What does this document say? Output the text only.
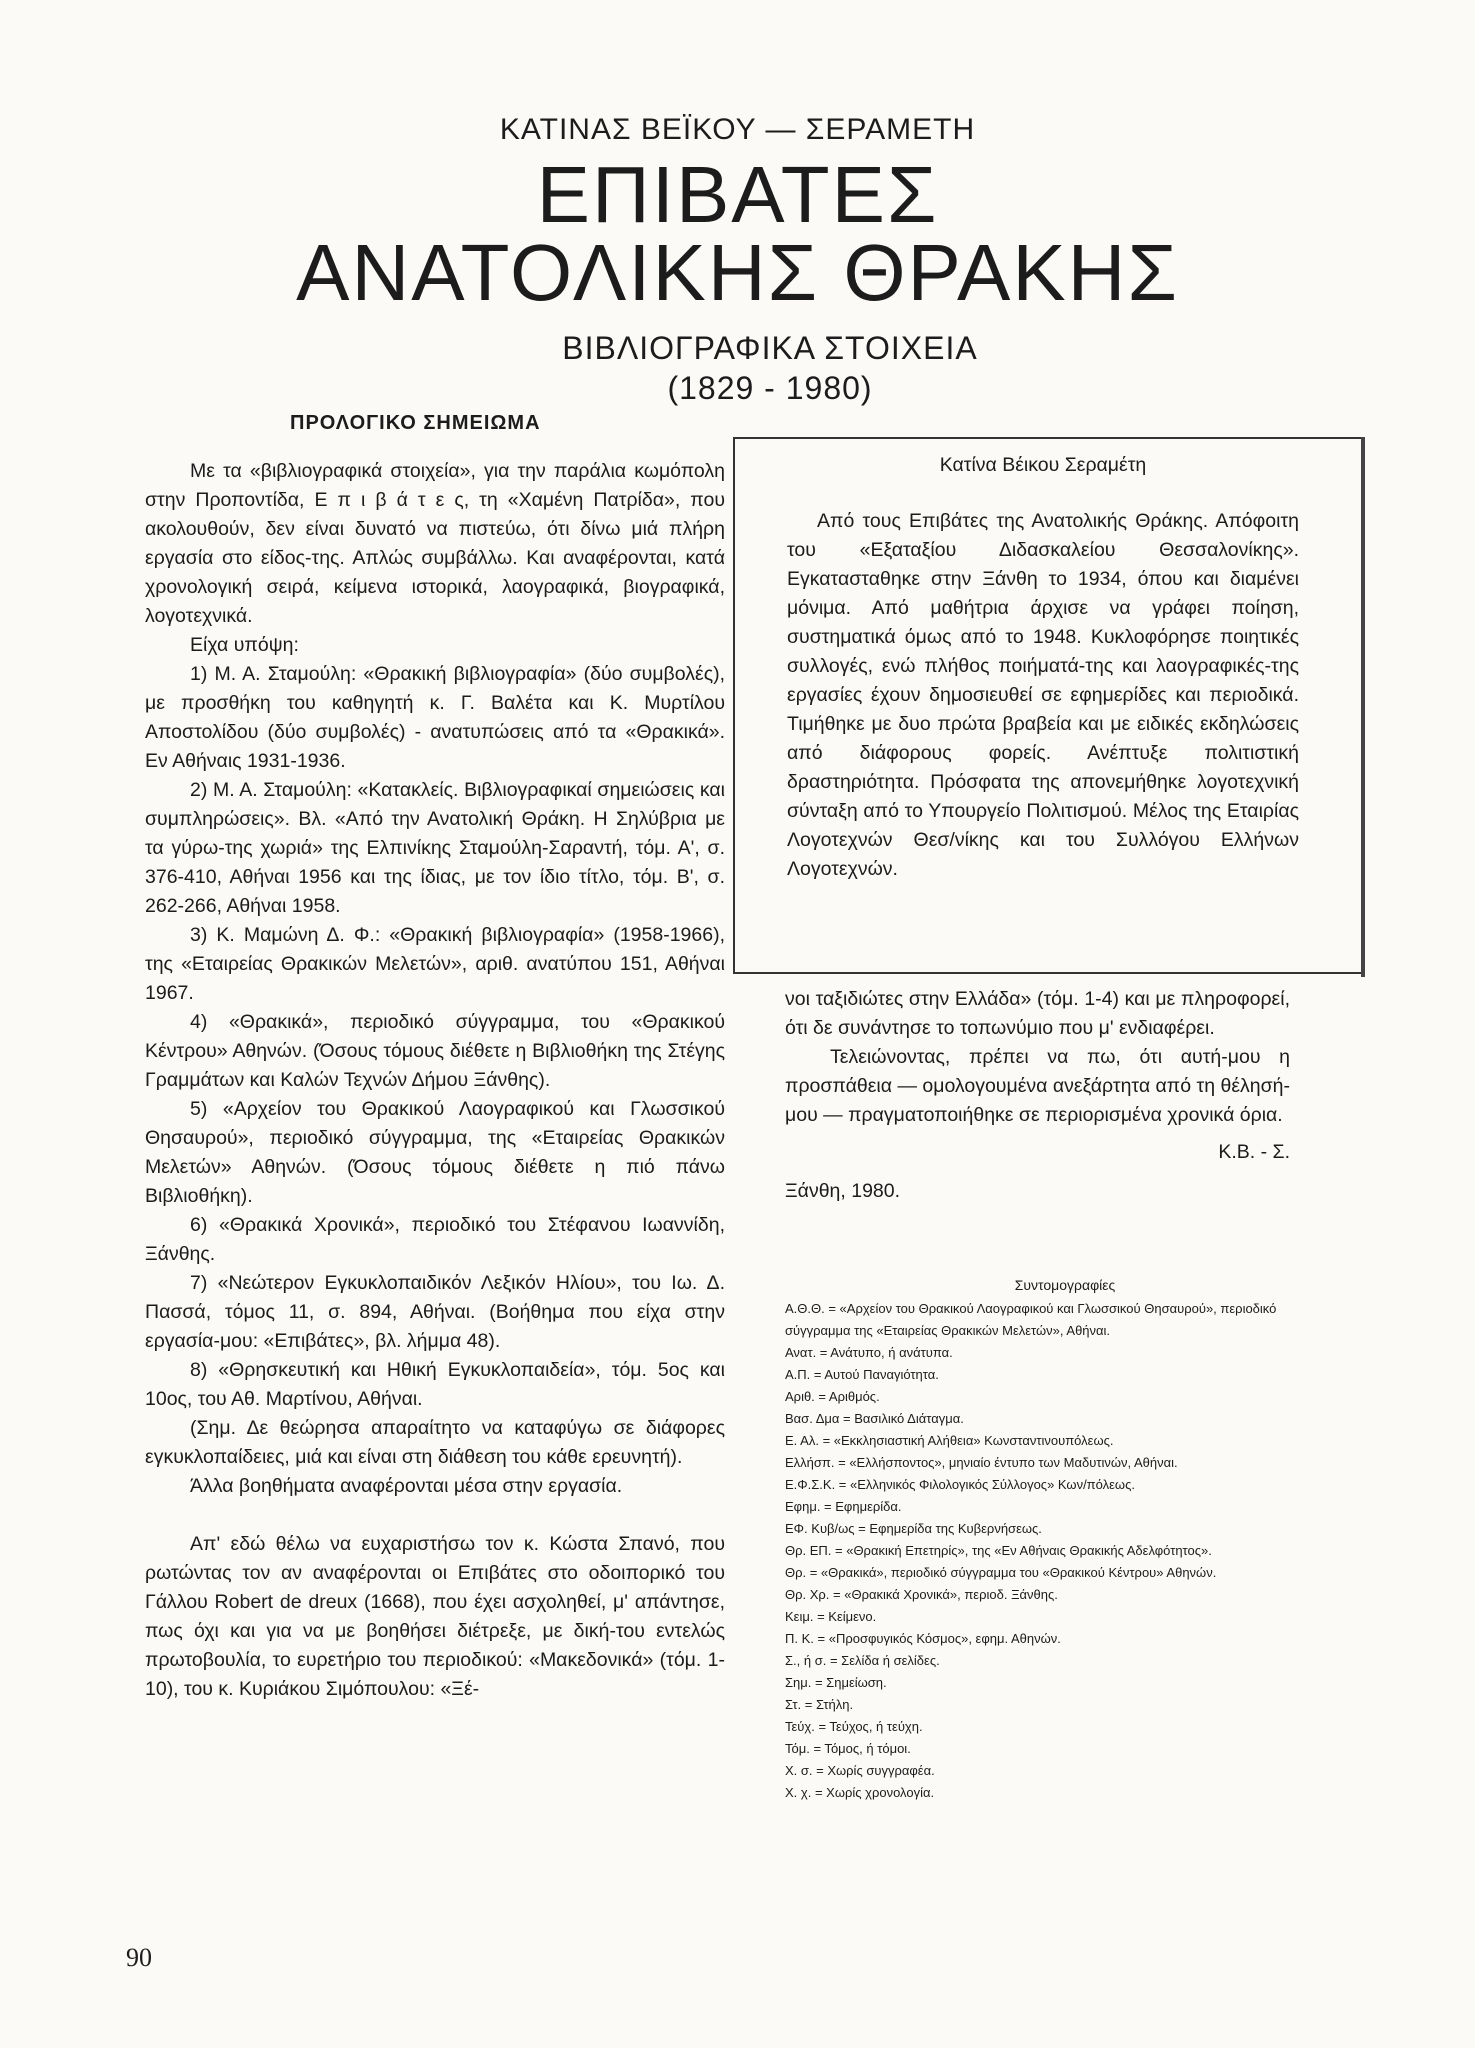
ΚΑΤΙΝΑΣ ΒΕΪΚΟΥ — ΣΕΡΑΜΕΤΗ
ΕΠΙΒΑΤΕΣ
ΑΝΑΤΟΛΙΚΗΣ ΘΡΑΚΗΣ
ΒΙΒΛΙΟΓΡΑΦΙΚΑ ΣΤΟΙΧΕΙΑ
(1829 - 1980)
ΠΡΟΛΟΓΙΚΟ ΣΗΜΕΙΩΜΑ

Με τα «βιβλιογραφικά στοιχεία», για την παράλια κωμόπολη στην Προποντίδα, Ε π ι β ά τ ε ς, τη «Χαμένη Πατρίδα», που ακολουθούν, δεν είναι δυνατό να πιστεύω, ότι δίνω μιά πλήρη εργασία στο είδος-της. Απλώς συμβάλλω. Και αναφέρονται, κατά χρονολογική σειρά, κείμενα ιστορικά, λαογραφικά, βιογραφικά, λογοτεχνικά.

Είχα υπόψη:

1) Μ. Α. Σταμούλη: «Θρακική βιβλιογραφία» (δύο συμβολές), με προσθήκη του καθηγητή κ. Γ. Βαλέτα και Κ. Μυρτίλου Αποστολίδου (δύο συμβολές) - ανατυπώσεις από τα «Θρακικά». Εν Αθήναις 1931-1936.

2) Μ. Α. Σταμούλη: «Κατακλείς. Βιβλιογραφικαί σημειώσεις και συμπληρώσεις». Βλ. «Από την Ανατολική Θράκη. Η Σηλύβρια με τα γύρω-της χωριά» της Ελπινίκης Σταμούλη-Σαραντή, τόμ. Α', σ. 376-410, Αθήναι 1956 και της ίδιας, με τον ίδιο τίτλο, τόμ. Β', σ. 262-266, Αθήναι 1958.

3) Κ. Μαμώνη Δ. Φ.: «Θρακική βιβλιογραφία» (1958-1966), της «Εταιρείας Θρακικών Μελετών», αριθ. ανατύπου 151, Αθήναι 1967.

4) «Θρακικά», περιοδικό σύγγραμμα, του «Θρακικού Κέντρου» Αθηνών. (Όσους τόμους διέθετε η Βιβλιοθήκη της Στέγης Γραμμάτων και Καλών Τεχνών Δήμου Ξάνθης).

5) «Αρχείον του Θρακικού Λαογραφικού και Γλωσσικού Θησαυρού», περιοδικό σύγγραμμα, της «Εταιρείας Θρακικών Μελετών» Αθηνών. (Όσους τόμους διέθετε η πιό πάνω Βιβλιοθήκη).

6) «Θρακικά Χρονικά», περιοδικό του Στέφανου Ιωαννίδη, Ξάνθης.

7) «Νεώτερον Εγκυκλοπαιδικόν Λεξικόν Ηλίου», του Ιω. Δ. Πασσά, τόμος 11, σ. 894, Αθήναι. (Βοήθημα που είχα στην εργασία-μου: «Επιβάτες», βλ. λήμμα 48).

8) «Θρησκευτική και Ηθική Εγκυκλοπαιδεία», τόμ. 5ος και 10ος, του Αθ. Μαρτίνου, Αθήναι.

(Σημ. Δε θεώρησα απαραίτητο να καταφύγω σε διάφορες εγκυκλοπαίδειες, μιά και είναι στη διάθεση του κάθε ερευνητή).

Άλλα βοηθήματα αναφέρονται μέσα στην εργασία.

Απ' εδώ θέλω να ευχαριστήσω τον κ. Κώστα Σπανό, που ρωτώντας τον αν αναφέρονται οι Επιβάτες στο οδοιπορικό του Γάλλου Robert de dreux (1668), που έχει ασχοληθεί, μ' απάντησε, πως όχι και για να με βοηθήσει διέτρεξε, με δική-του εντελώς πρωτοβουλία, το ευρετήριο του περιοδικού: «Μακεδονικά» (τόμ. 1-10), του κ. Κυριάκου Σιμόπουλου: «Ξέ-

Κατίνα Βέικου Σεραμέτη

Από τους Επιβάτες της Ανατολικής Θράκης. Απόφοιτη του «Εξαταξίου Διδασκαλείου Θεσσαλονίκης». Εγκατασταθηκε στην Ξάνθη το 1934, όπου και διαμένει μόνιμα. Από μαθήτρια άρχισε να γράφει ποίηση, συστηματικά όμως από το 1948. Κυκλοφόρησε ποιητικές συλλογές, ενώ πλήθος ποιήματά-της και λαογραφικές-της εργασίες έχουν δημοσιευθεί σε εφημερίδες και περιοδικά. Τιμήθηκε με δυο πρώτα βραβεία και με ειδικές εκδηλώσεις από διάφορους φορείς. Ανέπτυξε πολιτιστική δραστηριότητα. Πρόσφατα της απονεμήθηκε λογοτεχνική σύνταξη από το Υπουργείο Πολιτισμού. Μέλος της Εταιρίας Λογοτεχνών Θεσ/νίκης και του Συλλόγου Ελλήνων Λογοτεχνών.

νοι ταξιδιώτες στην Ελλάδα» (τόμ. 1-4) και με πληροφορεί, ότι δε συνάντησε το τοπωνύμιο που μ' ενδιαφέρει.

Τελειώνοντας, πρέπει να πω, ότι αυτή-μου η προσπάθεια — ομολογουμένα ανεξάρτητα από τη θέλησή-μου — πραγματοποιήθηκε σε περιορισμένα χρονικά όρια.

Κ.Β. - Σ.

Ξάνθη, 1980.

Συντομογραφίες

Α.Θ.Θ. = «Αρχείον του Θρακικού Λαογραφικού και Γλωσσικού Θησαυρού», περιοδικό σύγγραμμα της «Εταιρείας Θρακικών Μελετών», Αθήναι.

Ανατ. = Ανάτυπο, ή ανάτυπα.

Α.Π. = Αυτού Παναγιότητα.

Αριθ. = Αριθμός.

Βασ. Δμα = Βασιλικό Διάταγμα.

Ε. Αλ. = «Εκκλησιαστική Αλήθεια» Κωνσταντινουπόλεως.

Ελλήσπ. = «Ελλήσποντος», μηνιαίο έντυπο των Μαδυτινών, Αθήναι.

Ε.Φ.Σ.Κ. = «Ελληνικός Φιλολογικός Σύλλογος» Κων/πόλεως.

Εφημ. = Εφημερίδα.

ΕΦ. Κυβ/ως = Εφημερίδα της Κυβερνήσεως.

Θρ. ΕΠ. = «Θρακική Επετηρίς», της «Εν Αθήναις Θρακικής Αδελφότητος».

Θρ. = «Θρακικά», περιοδικό σύγγραμμα του «Θρακικού Κέντρου» Αθηνών.

Θρ. Χρ. = «Θρακικά Χρονικά», περιοδ. Ξάνθης.

Κειμ. = Κείμενο.

Π. Κ. = «Προσφυγικός Κόσμος», εφημ. Αθηνών.

Σ., ή σ. = Σελίδα ή σελίδες.

Σημ. = Σημείωση.

Στ. = Στήλη.

Τεύχ. = Τεύχος, ή τεύχη.

Τόμ. = Τόμος, ή τόμοι.

Χ. σ. = Χωρίς συγγραφέα.

Χ. χ. = Χωρίς χρονολογία.

90
